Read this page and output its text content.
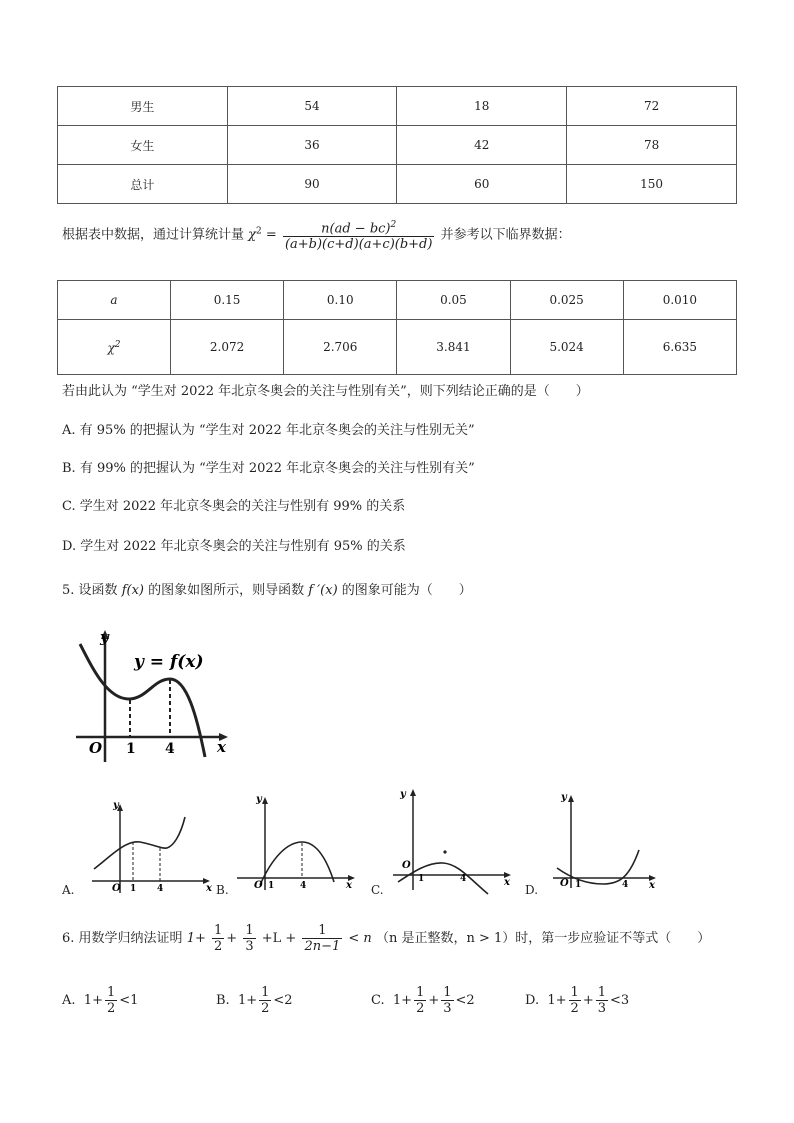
男生	54	18	72
女生	36	42	78
总计	90	60	150
根据表中数据，通过计算统计量 $\chi^2 = \frac{n(ad - bc)^2}{(a+b)(c+d)(a+c)(b+d)}$ 并参考以下临界数据：
a	0.15	0.10	0.05	0.025	0.010
$\chi^2$	2.072	2.706	3.841	5.024	6.635
若由此认为 “学生对 2022 年北京冬奥会的关注与性别有关”，则下列结论正确的是（　　）
A. 有 95% 的把握认为 “学生对 2022 年北京冬奥会的关注与性别无关”
B. 有 99% 的把握认为 “学生对 2022 年北京冬奥会的关注与性别有关”
C. 学生对 2022 年北京冬奥会的关注与性别有 99% 的关系
D. 学生对 2022 年北京冬奥会的关注与性别有 95% 的关系
5. 设函数 f(x) 的图象如图所示，则导函数 f ′(x) 的图象可能为（　　）
y
y = f(x)
O 1 4	x
A.
y
O 1 4	x B.
y
O 1	4	x C.
y
O
1	4	x
D.
y
O 1	4 x
6. 用数学归纳法证明 $1+ \frac{1}{2} + \frac{1}{3} +L + \frac{1}{2n-1} < n$ （n 是正整数，n > 1）时，第一步应验证不等式（　　）
A. $1+ \frac{1}{2} <1$	B. $1+ \frac{1}{2} <2$	C. $1+ \frac{1}{2} + \frac{1}{3} <2$	D. $1+ \frac{1}{2} + \frac{1}{3} <3$
